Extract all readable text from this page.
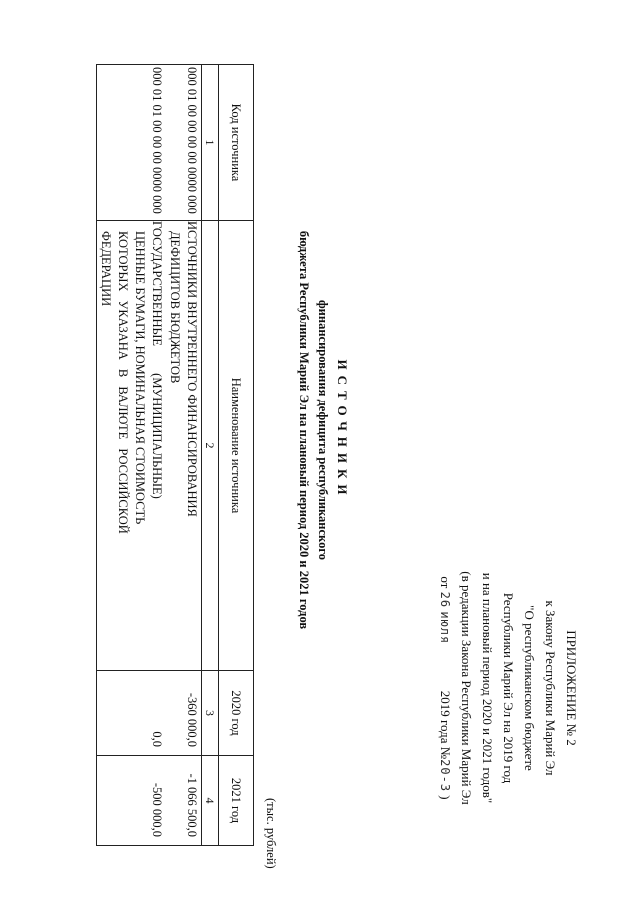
ПРИЛОЖЕНИЕ № 2
к Закону Республики Марий Эл
"О республиканском бюджете
Республики Марий Эл на 2019 год
и на плановый период 2020 и 2021 годов"
(в редакции Закона Республики Марий Эл
от 26 июля  2019 года №20-З )
ИСТОЧНИКИ
финансирования дефицита республиканского
бюджета Республики Марий Эл на плановый период 2020 и 2021 годов
(тыс. рублей)
Код источника	Наименование источника	2020 год	2021 год
1	2	3	4
000 01 00 00 00 00 0000 000	ИСТОЧНИКИ ВНУТРЕННЕГО ФИНАНСИРОВАНИЯ
ДЕФИЦИТОВ БЮДЖЕТОВ	-360 000,0	-1 066 500,0
000 01 01 00 00 00 0000 000	ГОСУДАРСТВЕННЫЕ (МУНИЦИПАЛЬНЫЕ)
ЦЕННЫЕ БУМАГИ, НОМИНАЛЬНАЯ СТОИМОСТЬ
КОТОРЫХ УКАЗАНА В ВАЛЮТЕ РОССИЙСКОЙ
ФЕДЕРАЦИИ	0,0	-500 000,0
